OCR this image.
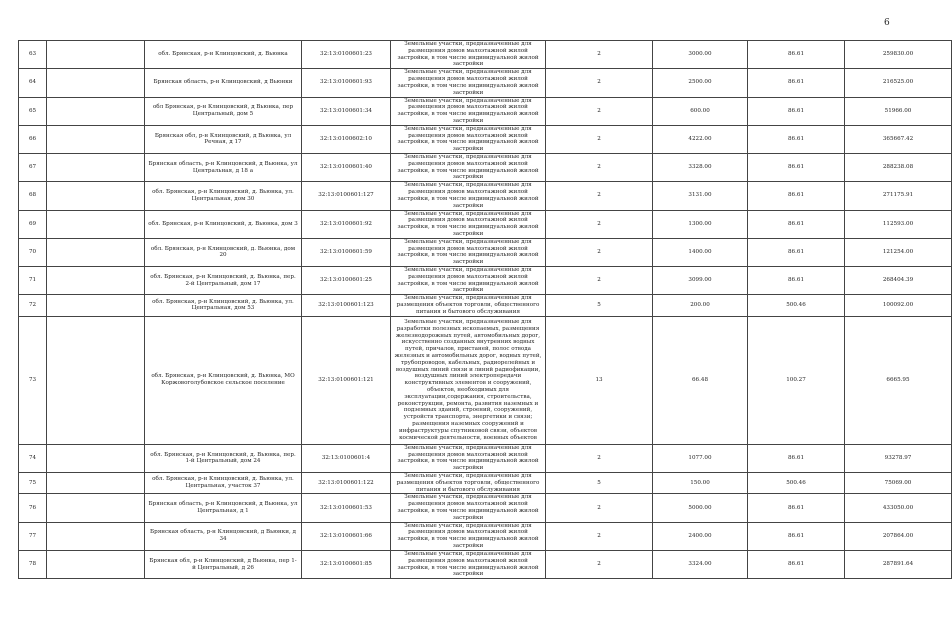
6
63		обл. Брянская, р-н Клинцовский, д. Вьюнка	32:13:0100601:23	Земельные участки, предназначенные для размещения домов малоэтажной жилой застройки, в том числе индивидуальной жилой застройки	2	3000.00	86.61	259830.00
64		Брянская область, р-н Клинцовский, д Вьюнки	32:13:0100601:93	Земельные участки, предназначенные для размещения домов малоэтажной жилой застройки, в том числе индивидуальной жилой застройки	2	2500.00	86.61	216525.00
65		обл Брянская, р-н Клинцовский, д Вьюнка, пер Центральный, дом 5	32:13:0100601:34	Земельные участки, предназначенные для размещения домов малоэтажной жилой застройки, в том числе индивидуальной жилой застройки	2	600.00	86.61	51966.00
66		Брянская обл, р-н Клинцовский, д Вьюнка, ул Речная, д 17	32:13:0100602:10	Земельные участки, предназначенные для размещения домов малоэтажной жилой застройки, в том числе индивидуальной жилой застройки	2	4222.00	86.61	365667.42
67		Брянская область, р-н Клинцовский, д Вьюнка, ул Центральная, д 18 а	32:13:0100601:40	Земельные участки, предназначенные для размещения домов малоэтажной жилой застройки, в том числе индивидуальной жилой застройки	2	3328.00	86.61	288238.08
68		обл. Брянская, р-н Клинцовский, д. Вьюнка, ул. Центральная, дом 30	32:13:0100601:127	Земельные участки, предназначенные для размещения домов малоэтажной жилой застройки, в том числе индивидуальной жилой застройки	2	3131.00	86.61	271175.91
69		обл. Брянская, р-н Клинцовский, д. Вьюнка, дом 3	32:13:0100601:92	Земельные участки, предназначенные для размещения домов малоэтажной жилой застройки, в том числе индивидуальной жилой застройки	2	1300.00	86.61	112593.00
70		обл. Брянская, р-н Клинцовский, д. Вьюнка, дом 20	32:13:0100601:59	Земельные участки, предназначенные для размещения домов малоэтажной жилой застройки, в том числе индивидуальной жилой застройки	2	1400.00	86.61	121254.00
71		обл. Брянская, р-н Клинцовский, д. Вьюнка, пер. 2-й Центральный, дом 17	32:13:0100601:25	Земельные участки, предназначенные для размещения домов малоэтажной жилой застройки, в том числе индивидуальной жилой застройки	2	3099.00	86.61	268404.39
72		обл. Брянская, р-н Клинцовский, д. Вьюнка, ул. Центральная, дом 53	32:13:0100601:123	Земельные участки, предназначенные для размещения объектов торговли, общественного питания и бытового обслуживания	5	200.00	500.46	100092.00
73		обл. Брянская, р-н Клинцовский, д. Вьюнка, МО Коржовоголубовское сельское поселение	32:13:0100601:121	Земельные участки, предназначенные для разработки полезных ископаемых, размещения железнодорожных путей, автомобильных дорог, искусственно созданных внутренних водных путей, причалов, пристаней, полос отвода железных и автомобильных дорог, водных путей, трубопроводов, кабельных, радиорелейных и воздушных линий связи и линий радиофикации, воздушных линий электропередачи конструктивных элементов и сооружений, объектов, необходимых для эксплуатации,содержания, строительства, реконструкции, ремонта, развития наземных и подземных зданий, строений, сооружений, устройств транспорта, энергетики и связи; размещения наземных сооружений и инфраструктуры спутниковой связи, объектов космической деятельности, военных объектов	13	66.48	100.27	6665.95
74		обл. Брянская, р-н Клинцовский, д. Вьюнка, пер. 1-й Центральный, дом 24	32:13:0100601:4	Земельные участки, предназначенные для размещения домов малоэтажной жилой застройки, в том числе индивидуальной жилой застройки	2	1077.00	86.61	93278.97
75		обл. Брянская, р-н Клинцовский, д. Вьюнка, ул. Центральная, участок 37	32:13:0100601:122	Земельные участки, предназначенные для размещения объектов торговли, общественного питания и бытового обслуживания	5	150.00	500.46	75069.00
76		Брянская область, р-н Клинцовский, д Вьюнка, ул Центральная, д 1	32:13:0100601:53	Земельные участки, предназначенные для размещения домов малоэтажной жилой застройки, в том числе индивидуальной жилой застройки	2	5000.00	86.61	433050.00
77		Брянская область, р-н Клинцовский, д Вьюнки, д 34	32:13:0100601:66	Земельные участки, предназначенные для размещения домов малоэтажной жилой застройки, в том числе индивидуальной жилой застройки	2	2400.00	86.61	207864.00
78		Брянская обл, р-н Клинцовский, д Вьюнка, пер 1-й Центральный, д 26	32:13:0100601:85	Земельные участки, предназначенные для размещения домов малоэтажной жилой застройки, в том числе индивидуальной жилой застройки	2	3324.00	86.61	287891.64
